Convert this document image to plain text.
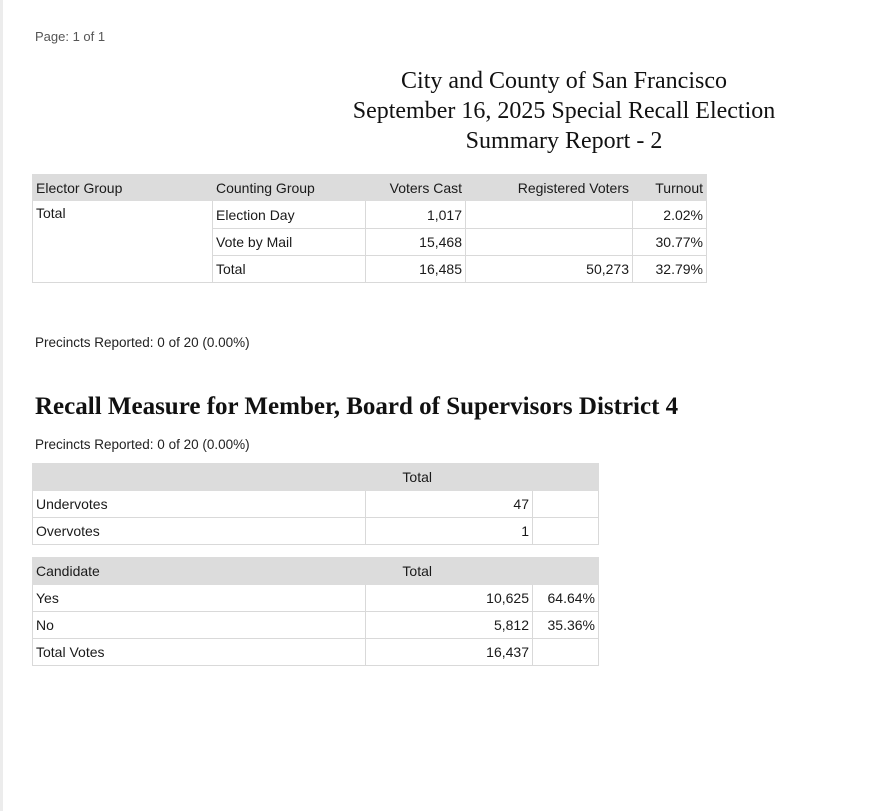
Page: 1 of 1
City and County of San Francisco
September 16, 2025 Special Recall Election
Summary Report - 2
Elector Group	Counting Group	Voters Cast	Registered Voters	Turnout
Total	Election Day	1,017		2.02%
	Vote by Mail	15,468		30.77%
	Total	16,485	50,273	32.79%
Precincts Reported: 0 of 20 (0.00%)
Recall Measure for Member, Board of Supervisors District 4
Precincts Reported: 0 of 20 (0.00%)
	Total	
Undervotes	47	
Overvotes	1	
Candidate	Total	
Yes	10,625	64.64%
No	5,812	35.36%
Total Votes	16,437	
